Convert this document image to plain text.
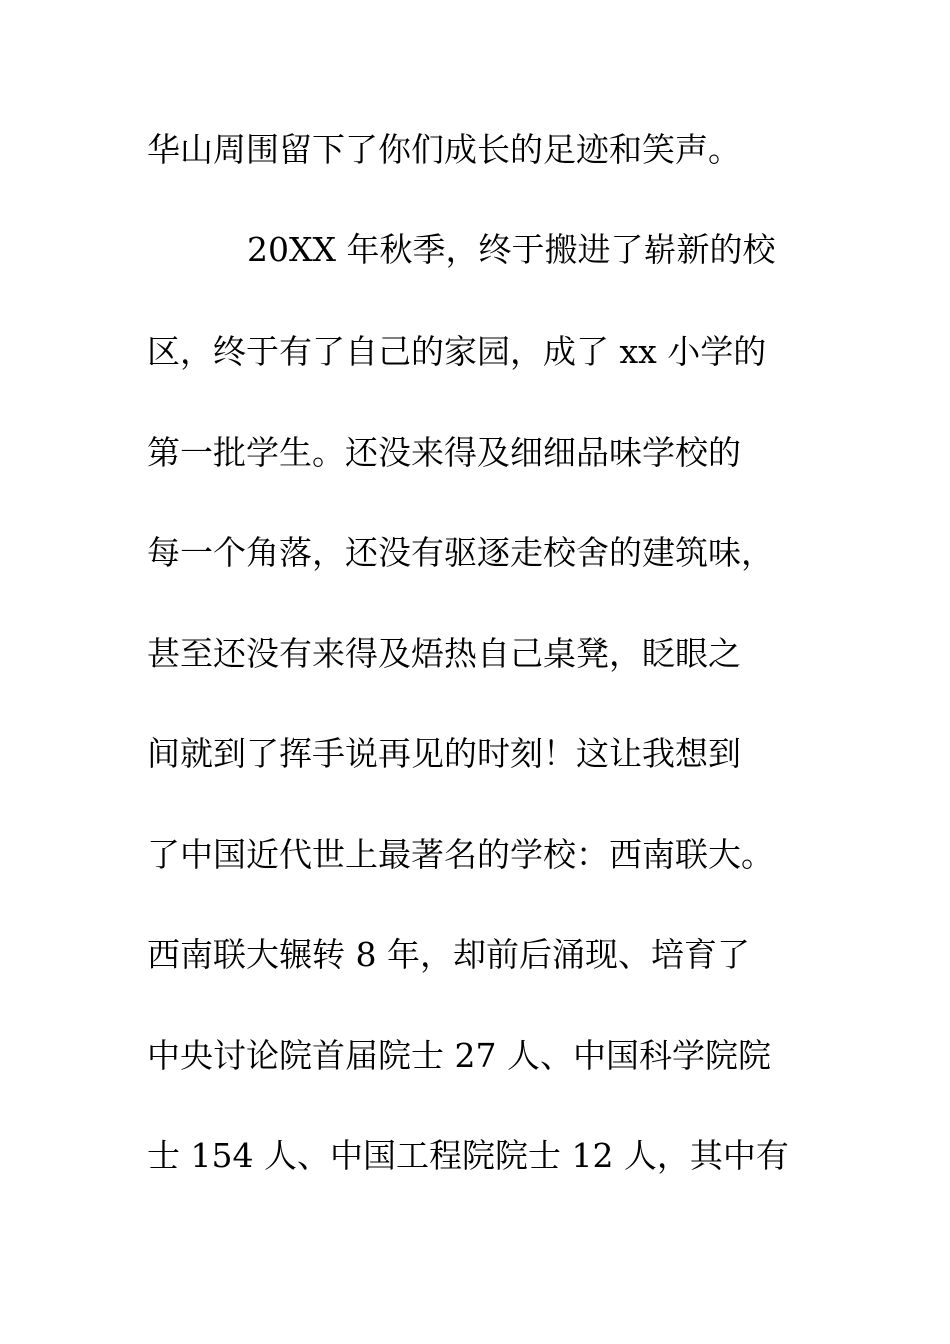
华山周围留下了你们成长的足迹和笑声。
20XX 年秋季，终于搬进了崭新的校
区，终于有了自己的家园，成了 xx 小学的
第一批学生。还没来得及细细品味学校的
每一个角落，还没有驱逐走校舍的建筑味，
甚至还没有来得及焐热自己桌凳，眨眼之
间就到了挥手说再见的时刻！这让我想到
了中国近代世上最著名的学校：西南联大。
西南联大辗转 8 年，却前后涌现、培育了
中央讨论院首届院士 27 人、中国科学院院
士 154 人、中国工程院院士 12 人，其中有
